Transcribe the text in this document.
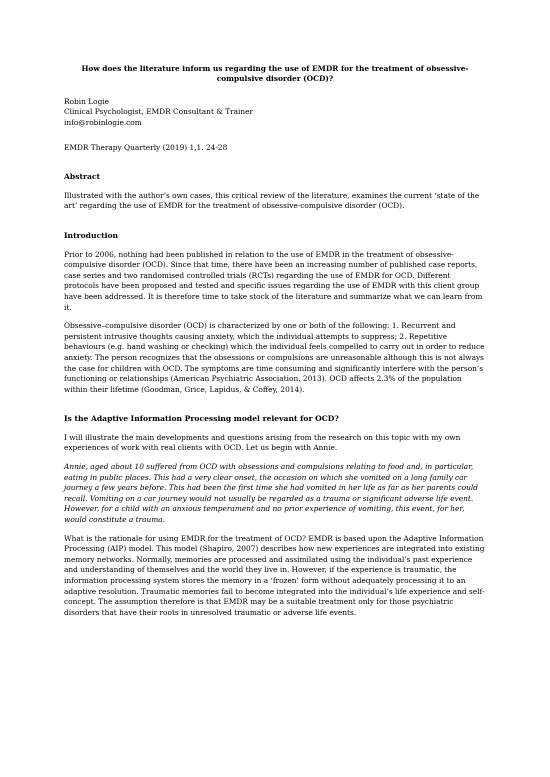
How does the literature inform us regarding the use of EMDR for the treatment of obsessive-compulsive disorder (OCD)?

Robin Logie

Clinical Psychologist, EMDR Consultant & Trainer

info@robinlogie.com

EMDR Therapy Quarterly (2019) 1,1. 24-28

Abstract

Illustrated with the author’s own cases, this critical review of the literature, examines the current ‘state of the art’ regarding the use of EMDR for the treatment of obsessive-compulsive disorder (OCD).

Introduction

Prior to 2006, nothing had been published in relation to the use of EMDR in the treatment of obsessive-compulsive disorder (OCD). Since that time, there have been an increasing number of published case reports, case series and two randomised controlled trials (RCTs) regarding the use of EMDR for OCD. Different protocols have been proposed and tested and specific issues regarding the use of EMDR with this client group have been addressed. It is therefore time to take stock of the literature and summarize what we can learn from it.

Obsessive–compulsive disorder (OCD) is characterized by one or both of the following: 1. Recurrent and persistent intrusive thoughts causing anxiety, which the individual attempts to suppress; 2. Repetitive behaviours (e.g. hand washing or checking) which the individual feels compelled to carry out in order to reduce anxiety. The person recognizes that the obsessions or compulsions are unreasonable although this is not always the case for children with OCD. The symptoms are time consuming and significantly interfere with the person’s functioning or relationships (American Psychiatric Association, 2013). OCD affects 2.3% of the population within their lifetime (Goodman, Grice, Lapidus, & Coffey, 2014).

Is the Adaptive Information Processing model relevant for OCD?

I will illustrate the main developments and questions arising from the research on this topic with my own experiences of work with real clients with OCD. Let us begin with Annie.

Annie, aged about 10 suffered from OCD with obsessions and compulsions relating to food and, in particular, eating in public places. This had a very clear onset, the occasion on which she vomited on a long family car journey a few years before. This had been the first time she had vomited in her life as far as her parents could recall. Vomiting on a car journey would not usually be regarded as a trauma or significant adverse life event. However, for a child with an anxious temperament and no prior experience of vomiting, this event, for her, would constitute a trauma.

What is the rationale for using EMDR for the treatment of OCD? EMDR is based upon the Adaptive Information Processing (AIP) model. This model (Shapiro, 2007) describes how new experiences are integrated into existing memory networks. Normally, memories are processed and assimilated using the individual’s past experience and understanding of themselves and the world they live in. However, if the experience is traumatic, the information processing system stores the memory in a ‘frozen’ form without adequately processing it to an adaptive resolution. Traumatic memories fail to become integrated into the individual’s life experience and self-concept. The assumption therefore is that EMDR may be a suitable treatment only for those psychiatric disorders that have their roots in unresolved traumatic or adverse life events.
